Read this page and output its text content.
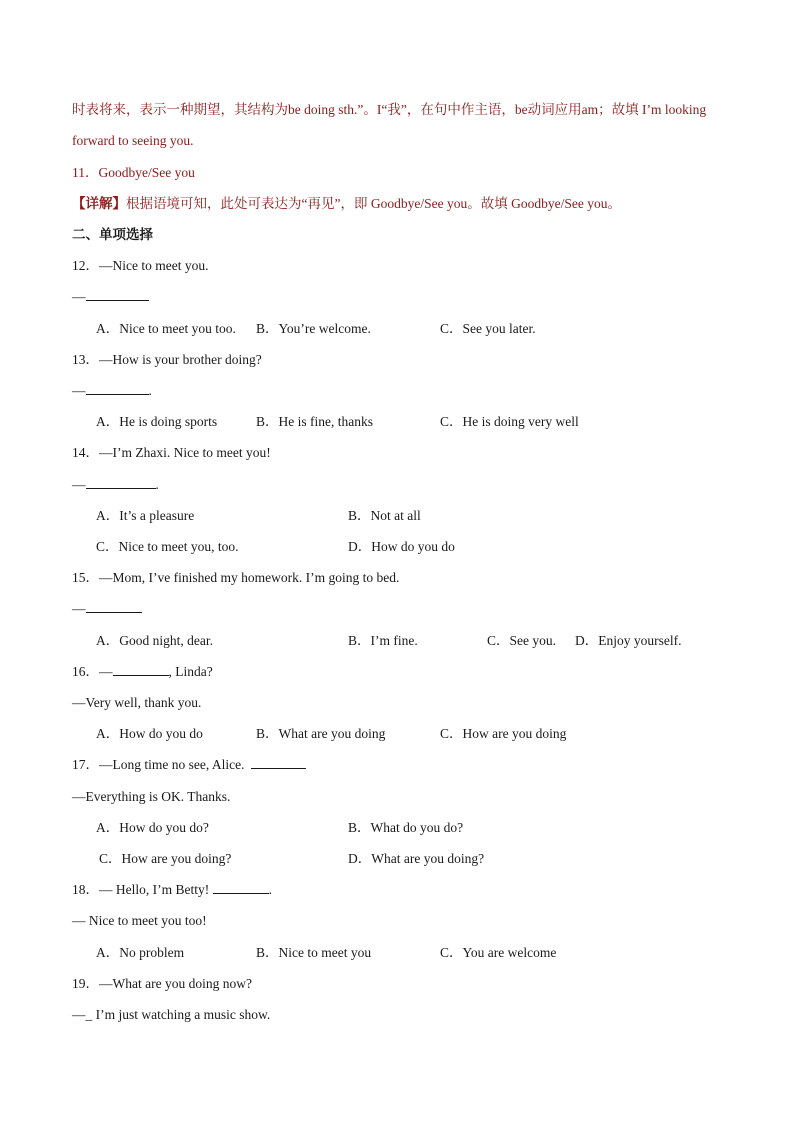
时表将来，表示一种期望，其结构为be doing sth.”。I“我”，在句中作主语，be动词应用am；故填 I’m looking
forward to seeing you.
11．Goodbye/See you
【详解】根据语境可知，此处可表达为“再见”，即 Goodbye/See you。故填 Goodbye/See you。
二、单项选择
12．—Nice to meet you.
—
A．Nice to meet you too. B．You’re welcome.	C．See you later.
13．—How is your brother doing?
—	.
A．He is doing sports	B．He is fine, thanks	C．He is doing very well
14．—I’m Zhaxi. Nice to meet you!
—	.
A．It’s a pleasure	B．Not at all
C．Nice to meet you, too.	D．How do you do
15．—Mom, I’ve finished my homework. I’m going to bed.
—
A．Good night, dear.	B．I’m fine.	C．See you. D．Enjoy yourself.
16．—	, Linda?
—Very well, thank you.
A．How do you do	B．What are you doing	C．How are you doing
17．—Long time no see, Alice.
—Everything is OK. Thanks.
A．How do you do?	B．What do you do?
C．How are you doing?	D．What are you doing?
18．— Hello, I’m Betty!	.
— Nice to meet you too!
A．No problem	B．Nice to meet you	C．You are welcome
19．—What are you doing now?
—_ I’m just watching a music show.
